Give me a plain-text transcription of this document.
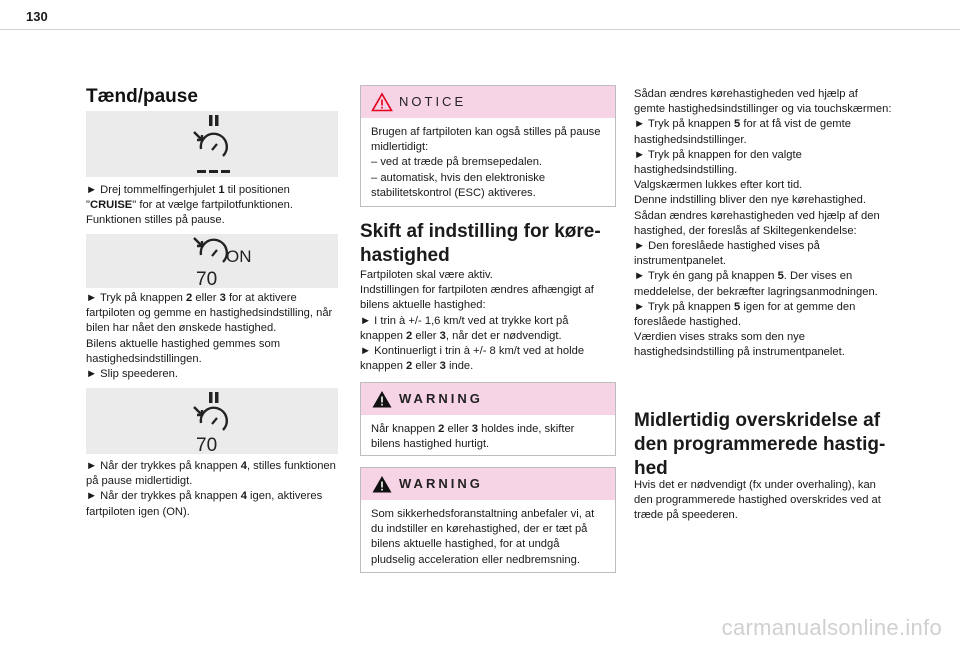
130
Tænd/pause
► Drej tommelfingerhjulet 1 til positionen "CRUISE" for at vælge fartpilotfunktionen.
Funktionen stilles på pause.
ON
70
► Tryk på knappen 2 eller 3 for at aktivere fartpiloten og gemme en hastighedsindstilling, når bilen har nået den ønskede hastighed.
Bilens aktuelle hastighed gemmes som hastighedsindstillingen.
► Slip speederen.
70
► Når der trykkes på knappen 4, stilles funktionen på pause midlertidigt.
► Når der trykkes på knappen 4 igen, aktiveres fartpiloten igen (ON).
NOTICE
Brugen af fartpiloten kan også stilles på pause midlertidigt:
– ved at træde på bremsepedalen.
– automatisk, hvis den elektroniske stabilitetskontrol (ESC) aktiveres.
Skift af indstilling for køre-
hastighed
Fartpiloten skal være aktiv.
Indstillingen for fartpiloten ændres afhængigt af bilens aktuelle hastighed:
► I trin à +/- 1,6 km/t ved at trykke kort på knappen 2 eller 3, når det er nødvendigt.
► Kontinuerligt i trin à +/- 8 km/t ved at holde knappen 2 eller 3 inde.
WARNING
Når knappen 2 eller 3 holdes inde, skifter bilens hastighed hurtigt.
WARNING
Som sikkerhedsforanstaltning anbefaler vi, at du indstiller en kørehastighed, der er tæt på bilens aktuelle hastighed, for at undgå pludselig acceleration eller nedbremsning.
Sådan ændres kørehastigheden ved hjælp af gemte hastighedsindstillinger og via touchskærmen:
► Tryk på knappen 5 for at få vist de gemte hastighedsindstillinger.
► Tryk på knappen for den valgte hastighedsindstilling.
Valgskærmen lukkes efter kort tid.
Denne indstilling bliver den nye kørehastighed.
Sådan ændres kørehastigheden ved hjælp af den hastighed, der foreslås af Skiltegenkendelse:
► Den foreslåede hastighed vises på instrumentpanelet.
► Tryk én gang på knappen 5. Der vises en meddelelse, der bekræfter lagringsanmodningen.
► Tryk på knappen 5 igen for at gemme den foreslåede hastighed.
Værdien vises straks som den nye hastighedsindstilling på instrumentpanelet.
Midlertidig overskridelse af
den programmerede hastig-
hed
Hvis det er nødvendigt (fx under overhaling), kan den programmerede hastighed overskrides ved at træde på speederen.
carmanualsonline.info
